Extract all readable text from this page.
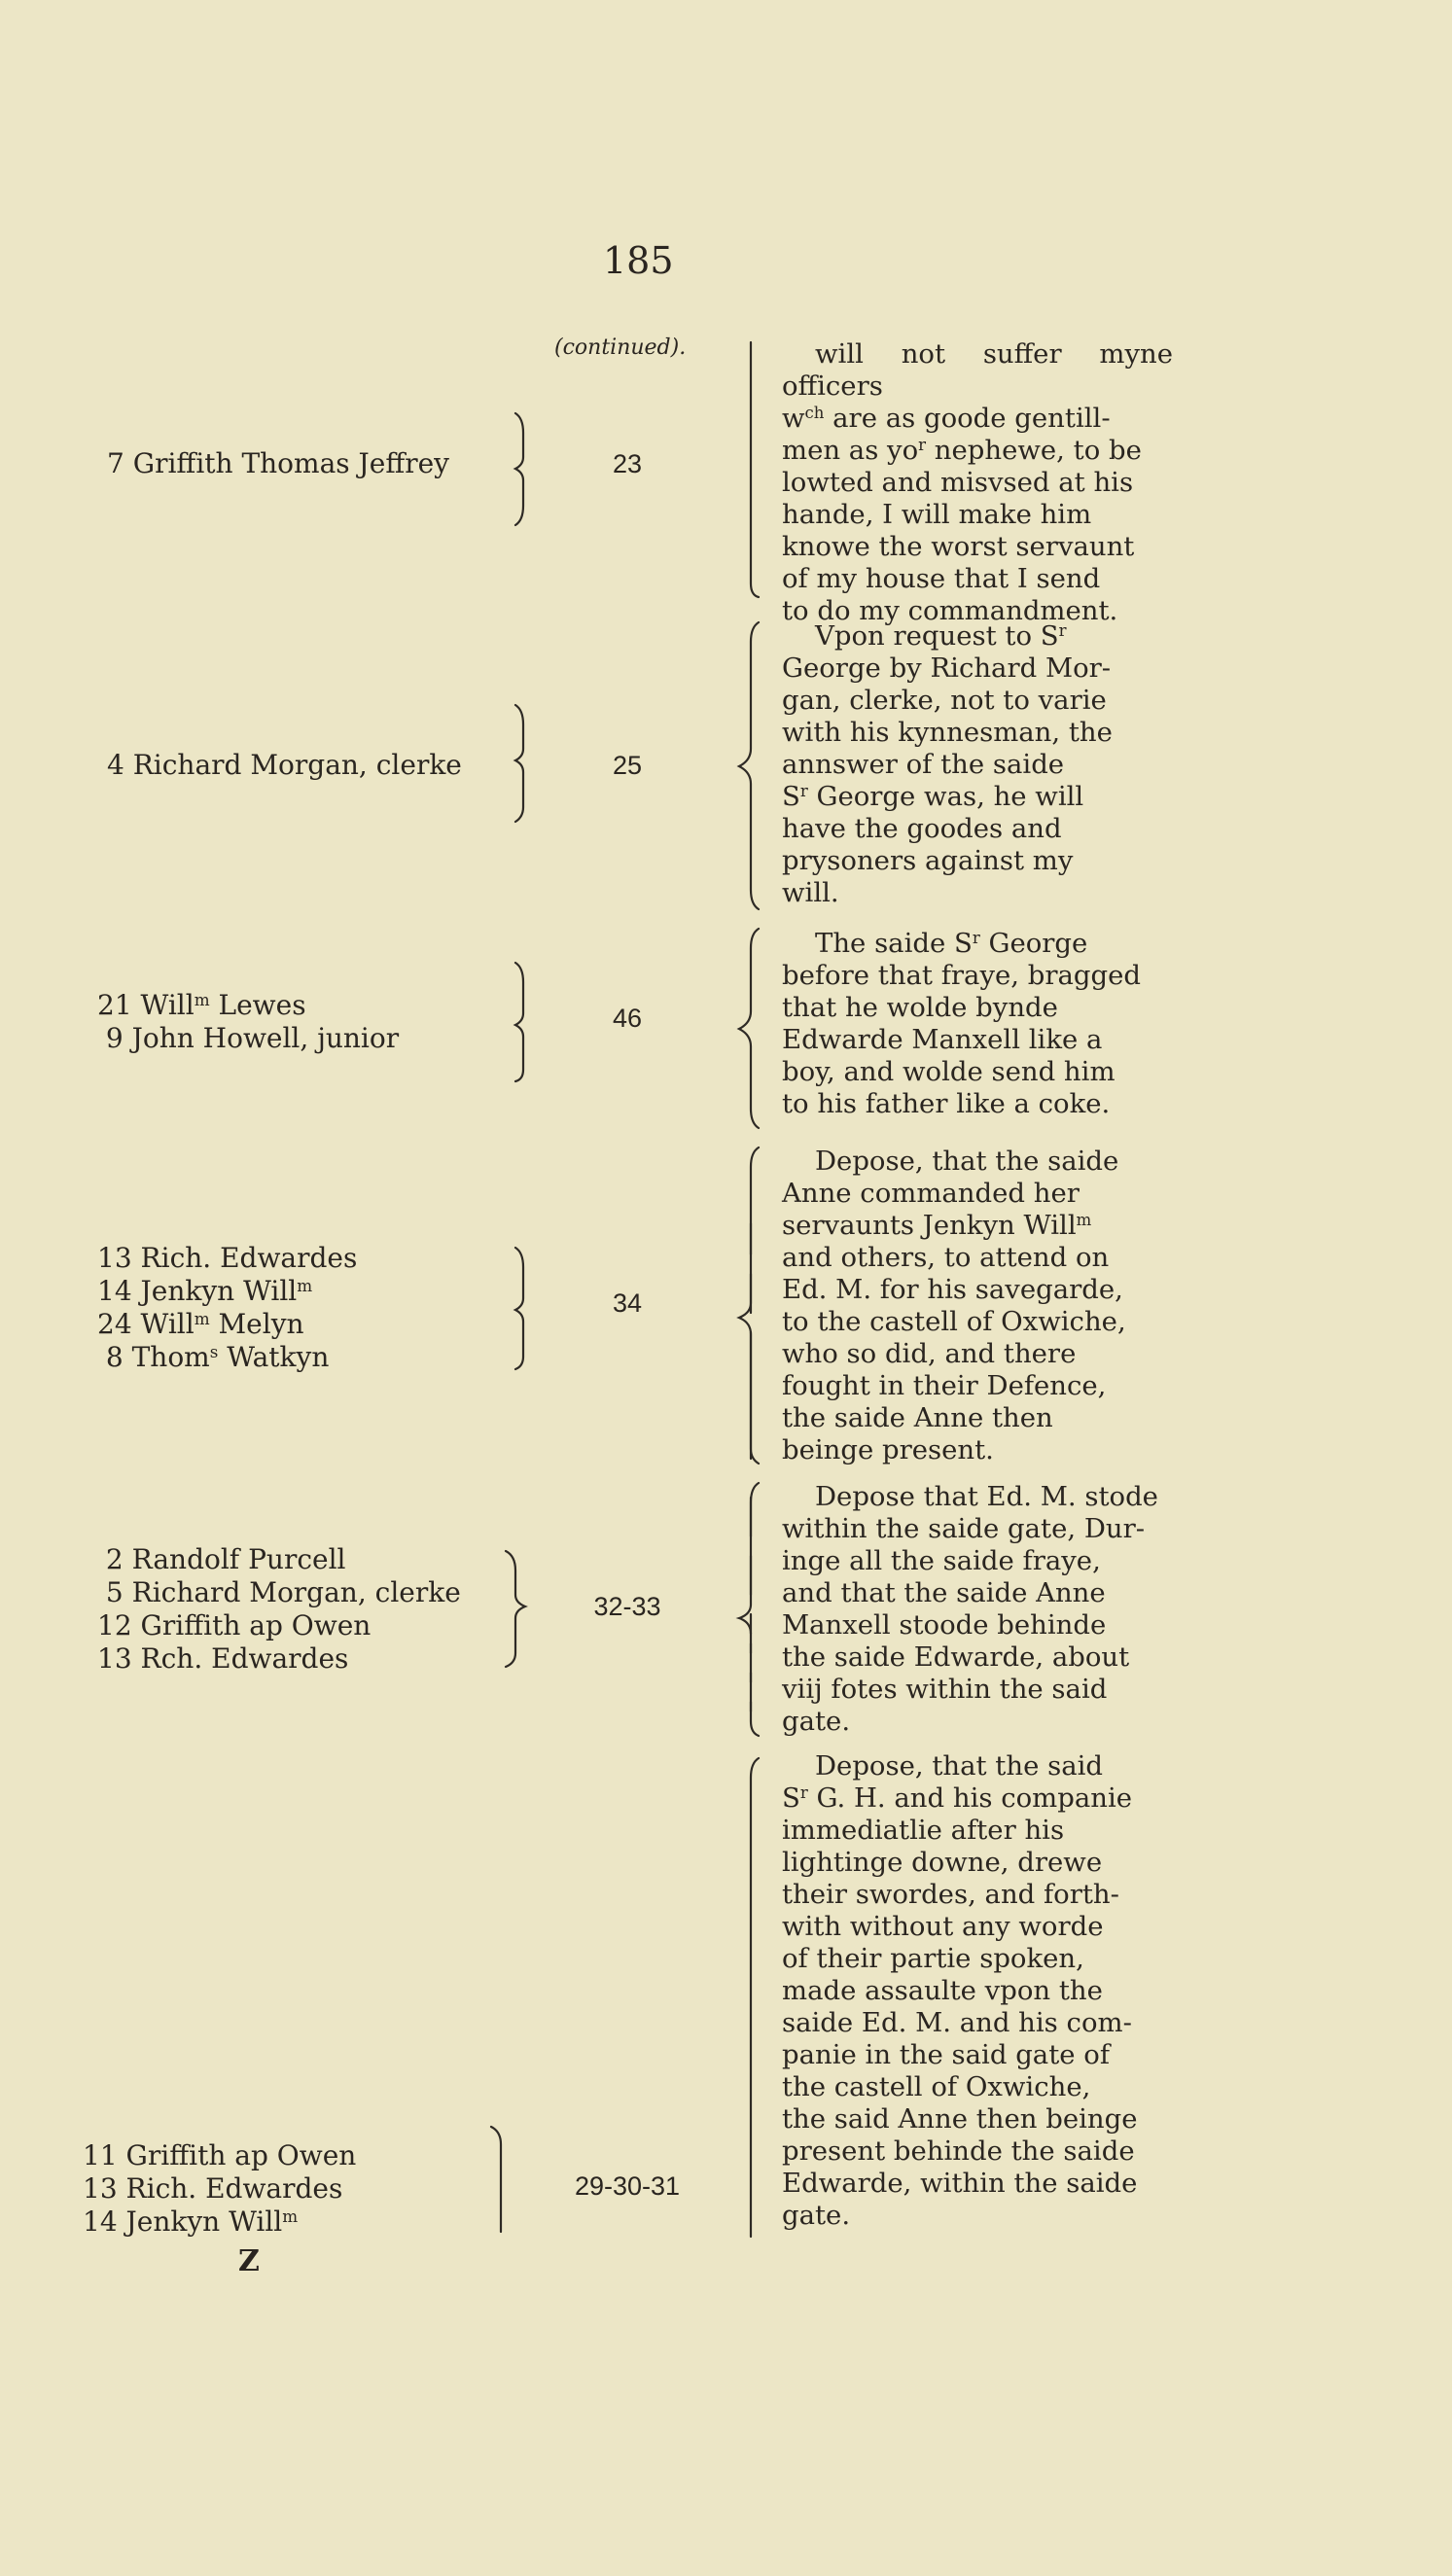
185
(continued).
7 Griffith Thomas Jeffrey	23
will not suffer myne officers
$w^{ch}$ are as goode gentill-
men as $yo^r$ nephewe, to be
lowted and misvsed at his
hande, I will make him
knowe the worst servaunt
of my house that I send
to do my commandment.
4 Richard Morgan, clerke	25
Vpon request to $S^r$
George by Richard Mor-
gan, clerke, not to varie
with his kynnesman, the
annswer of the saide
$S^r$ George was, he will
have the goodes and
prysoners against my
will.
21 Will$^m$ Lewes
9 John Howell, junior
46
The saide $S^r$ George
before that fraye, bragged
that he wolde bynde
Edwarde Manxell like a
boy, and wolde send him
to his father like a coke.
13 Rich. Edwardes
14 Jenkyn Will$^m$
24 Will$^m$ Melyn
8 Thom$^s$ Watkyn
34
Depose, that the saide
Anne commanded her
servaunts Jenkyn Will$^m$
and others, to attend on
Ed. M. for his savegarde,
to the castell of Oxwiche,
who so did, and there
fought in their Defence,
the saide Anne then
beinge present.
2 Randolf Purcell
5 Richard Morgan, clerke
12 Griffith ap Owen
13 Rch. Edwardes
32-33
Depose that Ed. M. stode
within the saide gate, Dur-
inge all the saide fraye,
and that the saide Anne
Manxell stoode behinde
the saide Edwarde, about
viij fotes within the said
gate.
11 Griffith ap Owen
13 Rich. Edwardes
14 Jenkyn Will$^m$
29-30-31
Depose, that the said
$S^r$ G. H. and his companie
immediatlie after his
lightinge downe, drewe
their swordes, and forth-
with without any worde
of their partie spoken,
made assaulte vpon the
saide Ed. M. and his com-
panie in the said gate of
the castell of Oxwiche,
the said Anne then beinge
present behinde the saide
Edwarde, within the saide
gate.
Z
